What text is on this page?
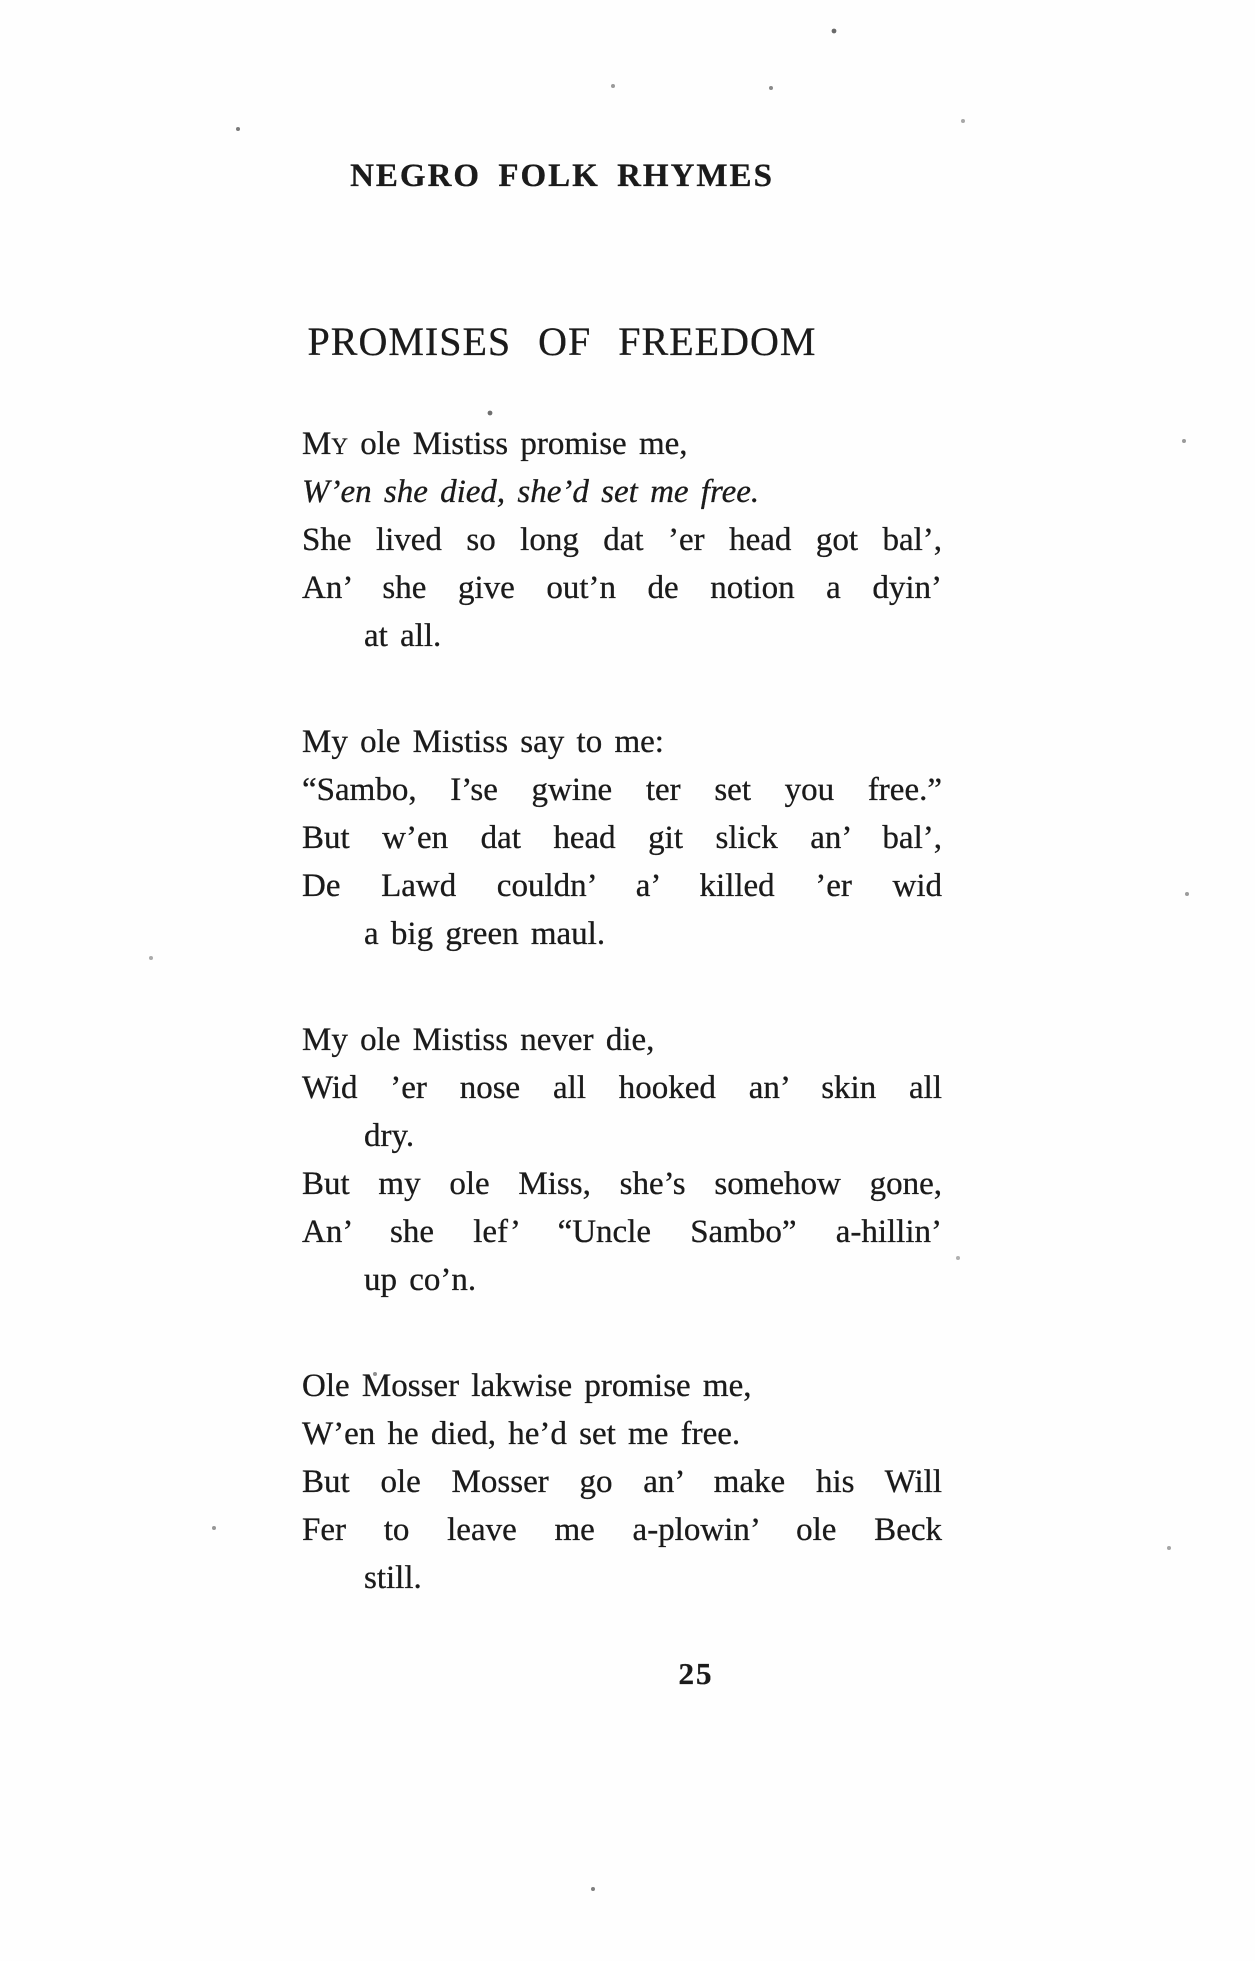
NEGRO FOLK RHYMES
PROMISES OF FREEDOM
My ole Mistiss promise me,
W’en she died, she’d set me free.
She lived so long dat ’er head got bal’,
An’ she give out’n de notion a dyin’
at all.
My ole Mistiss say to me:
“Sambo, I’se gwine ter set you free.”
But w’en dat head git slick an’ bal’,
De Lawd couldn’ a’ killed ’er wid
a big green maul.
My ole Mistiss never die,
Wid ’er nose all hooked an’ skin all
dry.
But my ole Miss, she’s somehow gone,
An’ she lef’ “Uncle Sambo” a-hillin’
up co’n.
Ole Mosser lakwise promise me,
W’en he died, he’d set me free.
But ole Mosser go an’ make his Will
Fer to leave me a-plowin’ ole Beck
still.
25
